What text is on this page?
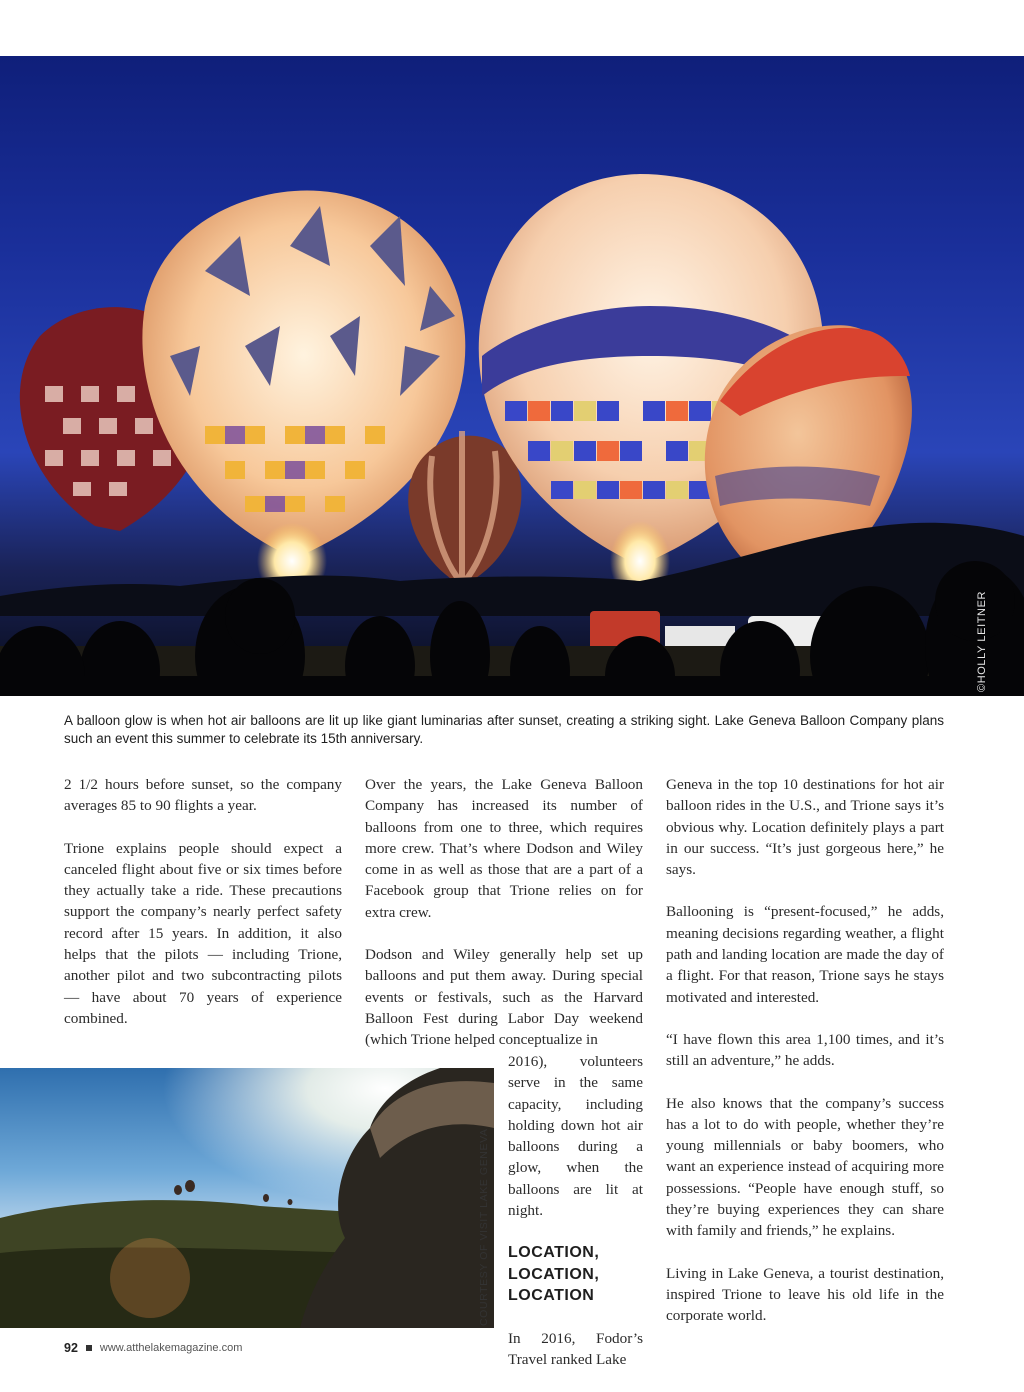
©HOLLY LEITNER

A balloon glow is when hot air balloons are lit up like giant luminarias after sunset, creating a striking sight. Lake Geneva Balloon Company plans such an event this summer to celebrate its 15th anniversary.

2 1/2 hours before sunset, so the company averages 85 to 90 flights a year.

Trione explains people should expect a canceled flight about five or six times before they actually take a ride. These precautions support the company’s nearly perfect safety record after 15 years. In addition, it also helps that the pilots — including Trione, another pilot and two subcontracting pilots — have about 70 years of experience combined.

Over the years, the Lake Geneva Balloon Company has increased its number of balloons from one to three, which requires more crew. That’s where Dodson and Wiley come in as well as those that are a part of a Facebook group that Trione relies on for extra crew.

Dodson and Wiley generally help set up balloons and put them away. During special events or festivals, such as the Harvard Balloon Fest during Labor Day weekend (which Trione helped conceptualize in

2016), volunteers serve in the same capacity, including holding down hot air balloons during a glow, when the balloons are lit at night.

LOCATION, LOCATION, LOCATION

In 2016, Fodor’s Travel ranked Lake

Geneva in the top 10 destinations for hot air balloon rides in the U.S., and Trione says it’s obvious why. Location definitely plays a part in our success. “It’s just gorgeous here,” he says.

Ballooning is “present-focused,” he adds, meaning decisions regarding weather, a flight path and landing location are made the day of a flight. For that reason, Trione says he stays motivated and interested.

“I have flown this area 1,100 times, and it’s still an adventure,” he adds.

He also knows that the company’s success has a lot to do with people, whether they’re young millennials or baby boomers, who want an experience instead of acquiring more possessions. “People have enough stuff, so they’re buying experiences they can share with family and friends,” he explains.

Living in Lake Geneva, a tourist destination, inspired Trione to leave his old life in the corporate world.

COURTESY OF VISIT LAKE GENEVA
92 www.atthelakemagazine.com
